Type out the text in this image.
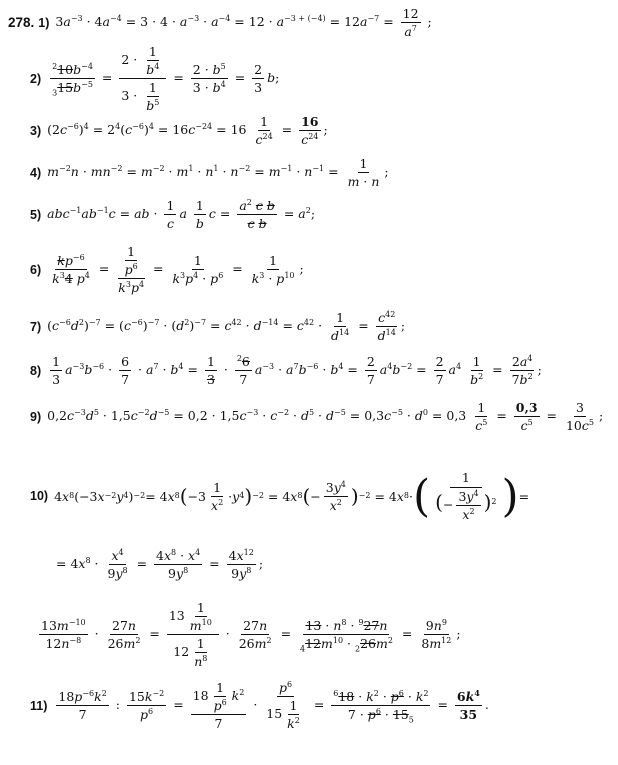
278. 1) $3a^{-3} \cdot 4a^{-4} = 3 \cdot 4 \cdot a^{-3} \cdot a^{-4} = 12 \cdot a^{-3 + (-4)} = 12a^{-7} = \frac{12}{a^7}$ ;
$2) \frac{^210b^{-4}}{_315b^{-5}} = \frac{2 \cdot \frac{1}{b^4}}{3 \cdot \frac{1}{b^5}} = \frac{2 \cdot b^5}{3 \cdot b^4} = \frac{2}{3} b$;
3) $(2c^{-6})^4 = 2^4(c^{-6})^4 = 16c^{-24} = 16 \frac{1}{c^{24}} = \frac{16}{c^{24}}$ ;
4) $m^{-2}n \cdot mn^{-2} = m^{-2} \cdot m^1 \cdot n^1 \cdot n^{-2} = m^{-1} \cdot n^{-1} = \frac{1}{m \cdot n}$ ;
5) $abc^{-1}ab^{-1}c$ = ab · $\frac{1}{c}$ a $\frac{1}{b}$ $c = \frac{a^2 c b}{\text{c b}} = a^2$;
$6) \frac{kp^{-6}}{k^34 p^4} = \frac{\frac{1}{p^6}}{k^3p^4} = \frac{1}{k^3p^4 \cdot p^6} = \frac{1}{k^3 \cdot p^{10}}$ ;
7) $(c^{-6}d^2)^{-7} = (c^{-6})^{-7} \cdot (d^2)^{-7} = c^{42} \cdot d^{-14} = c^{42} \cdot \frac{1}{d^{14}} = \frac{c^{42}}{d^{14}}$ ;
$8) \frac{1}{3} a^{-3}b^{-6} \cdot \frac{6}{7} \cdot a^7 \cdot b^4 = \frac{1}{3} \cdot \frac{^26}{7} a^{-3} \cdot a^7b^{-6} \cdot b^4 = \frac{2}{7} a^4b^{-2} = \frac{2}{7} a^4 \frac{1}{b^2} = \frac{2a^4}{7b^2}$ ;
9) $0,2c^{-3}d^5 \cdot 1,5c^{-2}d^{-5} = 0,2 \cdot 1,5c^{-3} \cdot c^{-2} \cdot d^5 \cdot d^{-5} = 0,3c^{-5} \cdot d^0 = 0,3 \frac{1}{c^5} = \frac{0,3}{c^5} = \frac{3}{10c^5}$ ;
10) 4 x 8 (−3 x −2 y 4 ) −2 = 4 x 8 ( $-3 \frac{1}{x^2} \cdot y$ 4 ) −2 = 4 x 8 ( − $\frac{3y^4}{x^2}$ ) −2 = 4 x 8 · ( $\frac{1}{(- \frac{3y^4}{x^2} )^2}$ ) =
= $4x^8 \cdot \frac{x^4}{9y^8} = \frac{4x^8 \cdot x^4}{9y^8} = \frac{4x^{12}}{9y^8}$ ;
$\frac{13m^{-10}}{12n^{-8}} \cdot \frac{27n}{26m^2} = \frac{13 \frac{1}{m^{10}}}{12 \frac{1}{n^8}} \cdot \frac{27n}{26m^2} = \frac{13 \cdot n^8 \cdot ^927n}{_412m^{10} \cdot _226m^2} = \frac{9n^9}{8m^{12}}$ ;
$11) \frac{18p^{-6}k^2}{7}$ : $\frac{15k^{-2}}{p^6} = \frac{18 \frac{1}{p^6} k^2}{7} \cdot \frac{p^6}{15 \frac{1}{k^2}} = \frac{^618 \cdot k^2 \cdot p^6 \cdot k^2}{7 \cdot p^6 \cdot 15_5} = \frac{6k^4}{35}$ .
